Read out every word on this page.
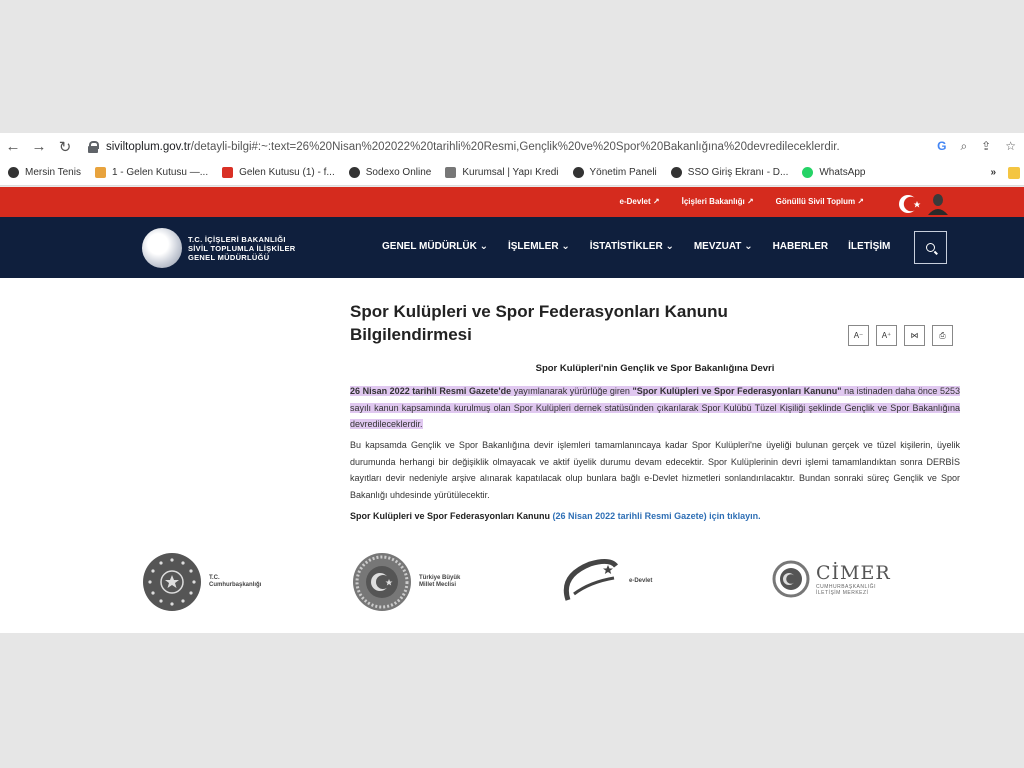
← → ↻	siviltoplum.gov.tr/detayli-bilgi#:~:text=26%20Nisan%202022%20tarihli%20Resmi,Gençlik%20ve%20Spor%20Bakanlığına%20devredileceklerdir.	G ⌕ ⇪ ☆
Mersin Tenis	1 - Gelen Kutusu —...	Gelen Kutusu (1) - f...	Sodexo Online	Kurumsal | Yapı Kredi	Yönetim Paneli	SSO Giriş Ekranı - D...	WhatsApp	»
e-Devlet ↗	İçişleri Bakanlığı ↗	Gönüllü Sivil Toplum ↗
T.C. İÇİŞLERİ BAKANLIĞI
SİVİL TOPLUMLA İLİŞKİLER
GENEL MÜDÜRLÜĞÜ
GENEL MÜDÜRLÜK ⌄ İŞLEMLER ⌄ İSTATİSTİKLER ⌄ MEVZUAT ⌄ HABERLER İLETİŞİM
Spor Kulüpleri ve Spor Federasyonları Kanunu Bilgilendirmesi	A⁻	A⁺	⋈	⎙
Spor Kulüpleri'nin Gençlik ve Spor Bakanlığına Devri

26 Nisan 2022 tarihli Resmi Gazete'de yayımlanarak yürürlüğe giren "Spor Kulüpleri ve Spor Federasyonları Kanunu" na istinaden daha önce 5253 sayılı kanun kapsamında kurulmuş olan Spor Kulüpleri dernek statüsünden çıkarılarak Spor Kulübü Tüzel Kişiliği şeklinde Gençlik ve Spor Bakanlığına devredileceklerdir.

Bu kapsamda Gençlik ve Spor Bakanlığına devir işlemleri tamamlanıncaya kadar Spor Kulüpleri'ne üyeliği bulunan gerçek ve tüzel kişilerin, üyelik durumunda herhangi bir değişiklik olmayacak ve aktif üyelik durumu devam edecektir. Spor Kulüplerinin devri işlemi tamamlandıktan sonra DERBİS kayıtları devir nedeniyle arşive alınarak kapatılacak olup bunlara bağlı e-Devlet hizmetleri sonlandırılacaktır. Bundan sonraki süreç Gençlik ve Spor Bakanlığı uhdesinde yürütülecektir.

Spor Kulüpleri ve Spor Federasyonları Kanunu (26 Nisan 2022 tarihli Resmi Gazete) için tıklayın.

T.C.
Cumhurbaşkanlığı
Türkiye Büyük
Millet Meclisi
e-Devlet	CİMER
CUMHURBAŞKANLIĞI
İLETİŞİM MERKEZİ
